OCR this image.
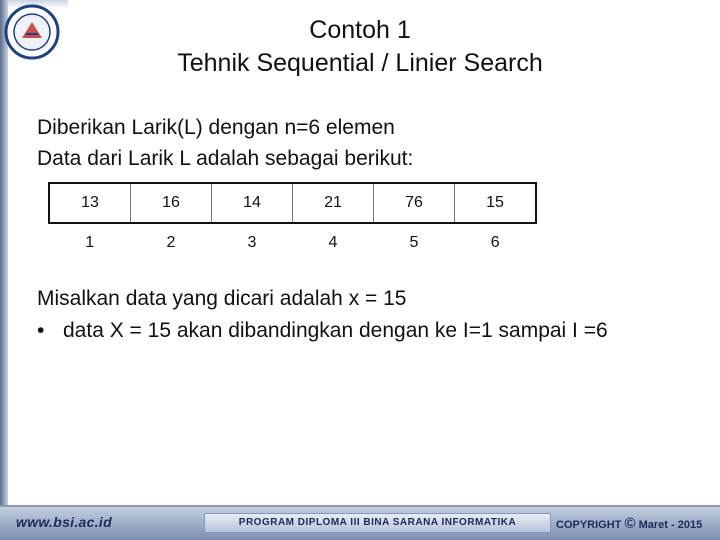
Contoh 1
Tehnik Sequential / Linier Search
Diberikan Larik(L) dengan n=6 elemen
Data dari Larik L adalah sebagai berikut:
13	16	14	21	76	15
1	2	3	4	5	6
Misalkan data yang dicari adalah x = 15
• data X = 15 akan dibandingkan dengan ke I=1 sampai I =6
www.bsi.ac.id	PROGRAM DIPLOMA III BINA SARANA INFORMATIKA	COPYRIGHT © Maret - 2015
